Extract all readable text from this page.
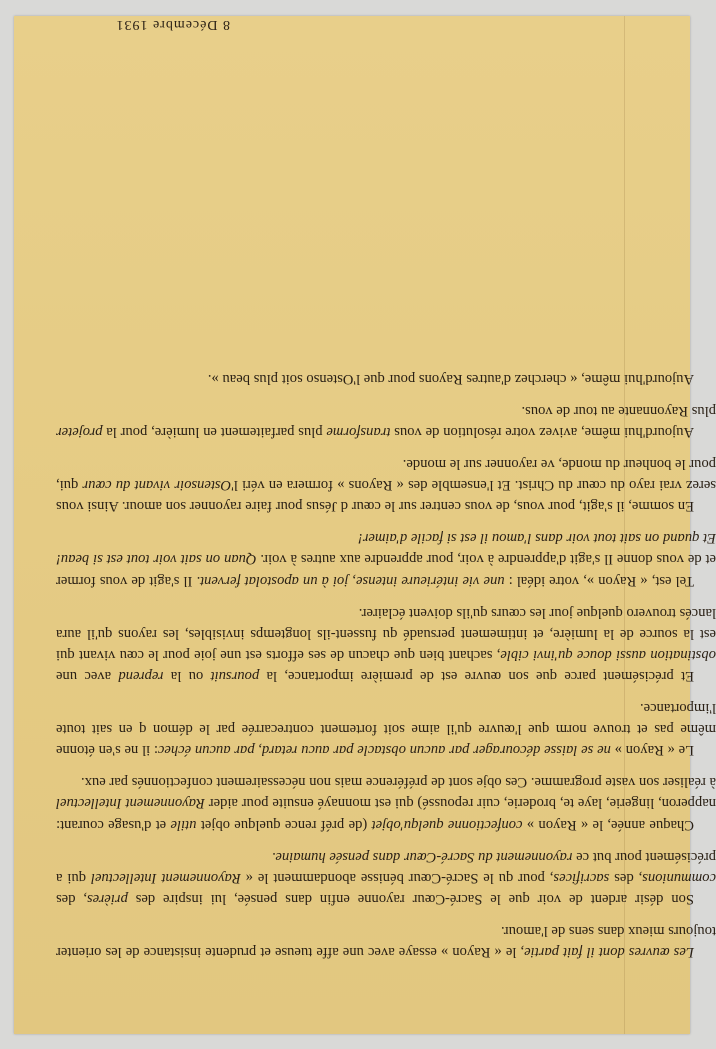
Les œuvres dont il fait partie, le « Rayon » essaye avec une affe tueuse et prudente insistance de les orienter toujours mieux dans sens de l'amour.

Son désir ardent de voir que le Sacré-Cœur rayonne enfin dans pensée, lui inspire des prières, des communions, des sacrifices, pour qu le Sacré-Cœur bénisse abondamment le « Rayonnement Intellectuel qui a précisément pour but ce rayonnement du Sacré-Cœur dans pensée humaine.

Chaque année, le « Rayon » confectionne quelqu'objet (de préf rence quelque objet utile et d'usage courant: napperon, lingerie, laye te, broderie, cuir repoussé) qui est monnayé ensuite pour aider Rayonnement Intellectuel à réaliser son vaste programme. Ces obje sont de préférence mais non nécessairement confectionnés par eux.

Le « Rayon » ne se laisse décourager par aucun obstacle par aucu retard, par aucun échec: il ne s'en étonne même pas et trouve norm que l'œuvre qu'il aime soit fortement contrecarrée par le démon q en sait toute l'importance.

Et précisément parce que son œuvre est de première importance, la poursuit ou la reprend avec une obstination aussi douce qu'invi cible, sachant bien que chacun de ses efforts est une joie pour le cœu vivant qui est la source de la lumière, et intimement persuadé qu fussent-ils longtemps invisibles, les rayons qu'il aura lancés trouvero quelque jour les cœurs qu'ils doivent éclairer.

Tel est, « Rayon », votre idéal : une vie intérieure intense, joi à un apostolat fervent. Il s'agit de vous former et de vous donne Il s'agit d'apprendre à voir, pour apprendre aux autres à voir. Quan on sait voir tout est si beau! Et quand on sait tout voir dans l'amou il est si facile d'aimer!

En somme, il s'agit, pour vous, de vous centrer sur le cœur d Jésus pour faire rayonner son amour. Ainsi vous serez vrai rayo du cœur du Christ. Et l'ensemble des « Rayons » formera en véri l'Ostensoir vivant du cœur qui, pour le bonheur du monde, ve rayonner sur le monde.

Aujourd'hui même, avivez votre résolution de vous transforme plus parfaitement en lumière, pour la projeter plus Rayonnante au tour de vous.

Aujourd'hui même, « cherchez d'autres Rayons pour que l'Ostenso soit plus beau ».

8 Décembre 1931
